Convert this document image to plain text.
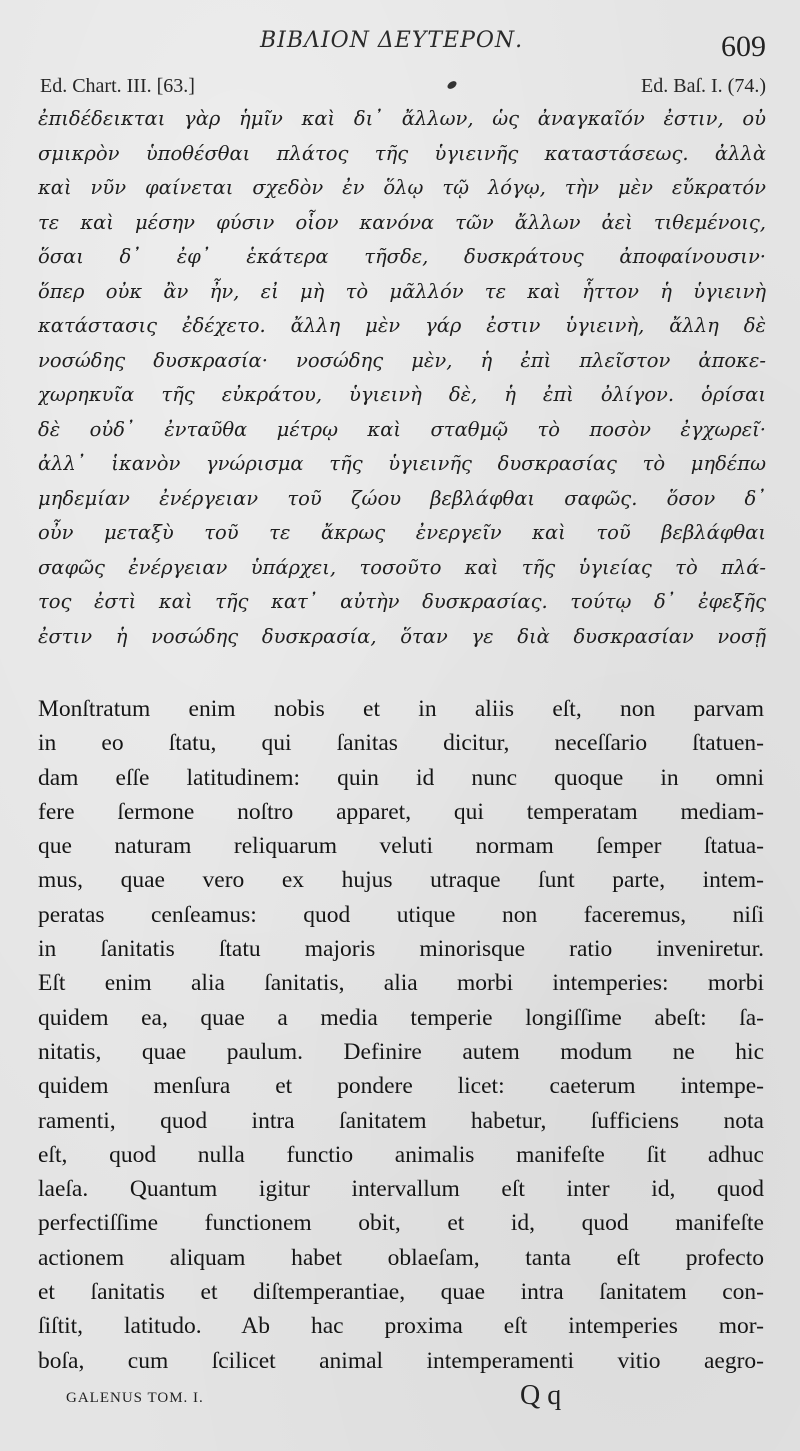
ΒΙΒΛΙΟΝ ΔΕΥΤΕΡΟΝ.	609
Ed. Chart. III. [63.]	Ed. Baſ. I. (74.)
ἐπιδέδεικται γὰρ ἡμῖν καὶ δι᾽ ἄλλων, ὡς ἀναγκαῖόν ἐστιν, οὐ
σμικρὸν ὑποθέσθαι πλάτος τῆς ὑγιεινῆς καταστάσεως. ἀλλὰ
καὶ νῦν φαίνεται σχεδὸν ἐν ὅλῳ τῷ λόγῳ, τὴν μὲν εὔκρατόν
τε καὶ μέσην φύσιν οἷον κανόνα τῶν ἄλλων ἀεὶ τιθεμένοις,
ὅσαι δ᾽ ἐφ᾽ ἑκάτερα τῆσδε, δυσκράτους ἀποφαίνουσιν·
ὅπερ οὐκ ἂν ἦν, εἰ μὴ τὸ μᾶλλόν τε καὶ ἧττον ἡ ὑγιεινὴ
κατάστασις ἐδέχετο. ἄλλη μὲν γάρ ἐστιν ὑγιεινὴ, ἄλλη δὲ
νοσώδης δυσκρασία· νοσώδης μὲν, ἡ ἐπὶ πλεῖστον ἀποκε-
χωρηκυῖα τῆς εὐκράτου, ὑγιεινὴ δὲ, ἡ ἐπὶ ὀλίγον. ὁρίσαι
δὲ οὐδ᾽ ἐνταῦθα μέτρῳ καὶ σταθμῷ τὸ ποσὸν ἐγχωρεῖ·
ἀλλ᾽ ἱκανὸν γνώρισμα τῆς ὑγιεινῆς δυσκρασίας τὸ μηδέπω
μηδεμίαν ἐνέργειαν τοῦ ζώου βεβλάφθαι σαφῶς. ὅσον δ᾽
οὖν μεταξὺ τοῦ τε ἄκρως ἐνεργεῖν καὶ τοῦ βεβλάφθαι
σαφῶς ἐνέργειαν ὑπάρχει, τοσοῦτο καὶ τῆς ὑγιείας τὸ πλά-
τος ἐστὶ καὶ τῆς κατ᾽ αὐτὴν δυσκρασίας. τούτῳ δ᾽ ἐφεξῆς
ἐστιν ἡ νοσώδης δυσκρασία, ὅταν γε διὰ δυσκρασίαν νοσῇ
Monſtratum enim nobis et in aliis eſt, non parvam
in eo ſtatu, qui ſanitas dicitur, neceſſario ſtatuen-
dam eſſe latitudinem: quin id nunc quoque in omni
fere ſermone noſtro apparet, qui temperatam mediam-
que naturam reliquarum veluti normam ſemper ſtatua-
mus, quae vero ex hujus utraque ſunt parte, intem-
peratas cenſeamus: quod utique non faceremus, niſi
in ſanitatis ſtatu majoris minorisque ratio inveniretur.
Eſt enim alia ſanitatis, alia morbi intemperies: morbi
quidem ea, quae a media temperie longiſſime abeſt: ſa-
nitatis, quae paulum. Definire autem modum ne hic
quidem menſura et pondere licet: caeterum intempe-
ramenti, quod intra ſanitatem habetur, ſufficiens nota
eſt, quod nulla functio animalis manifeſte ſit adhuc
laeſa. Quantum igitur intervallum eſt inter id, quod
perfectiſſime functionem obit, et id, quod manifeſte
actionem aliquam habet oblaeſam, tanta eſt profecto
et ſanitatis et diſtemperantiae, quae intra ſanitatem con-
ſiſtit, latitudo. Ab hac proxima eſt intemperies mor-
boſa, cum ſcilicet animal intemperamenti vitio aegro-
GALENUS TOM. I.	Q q
